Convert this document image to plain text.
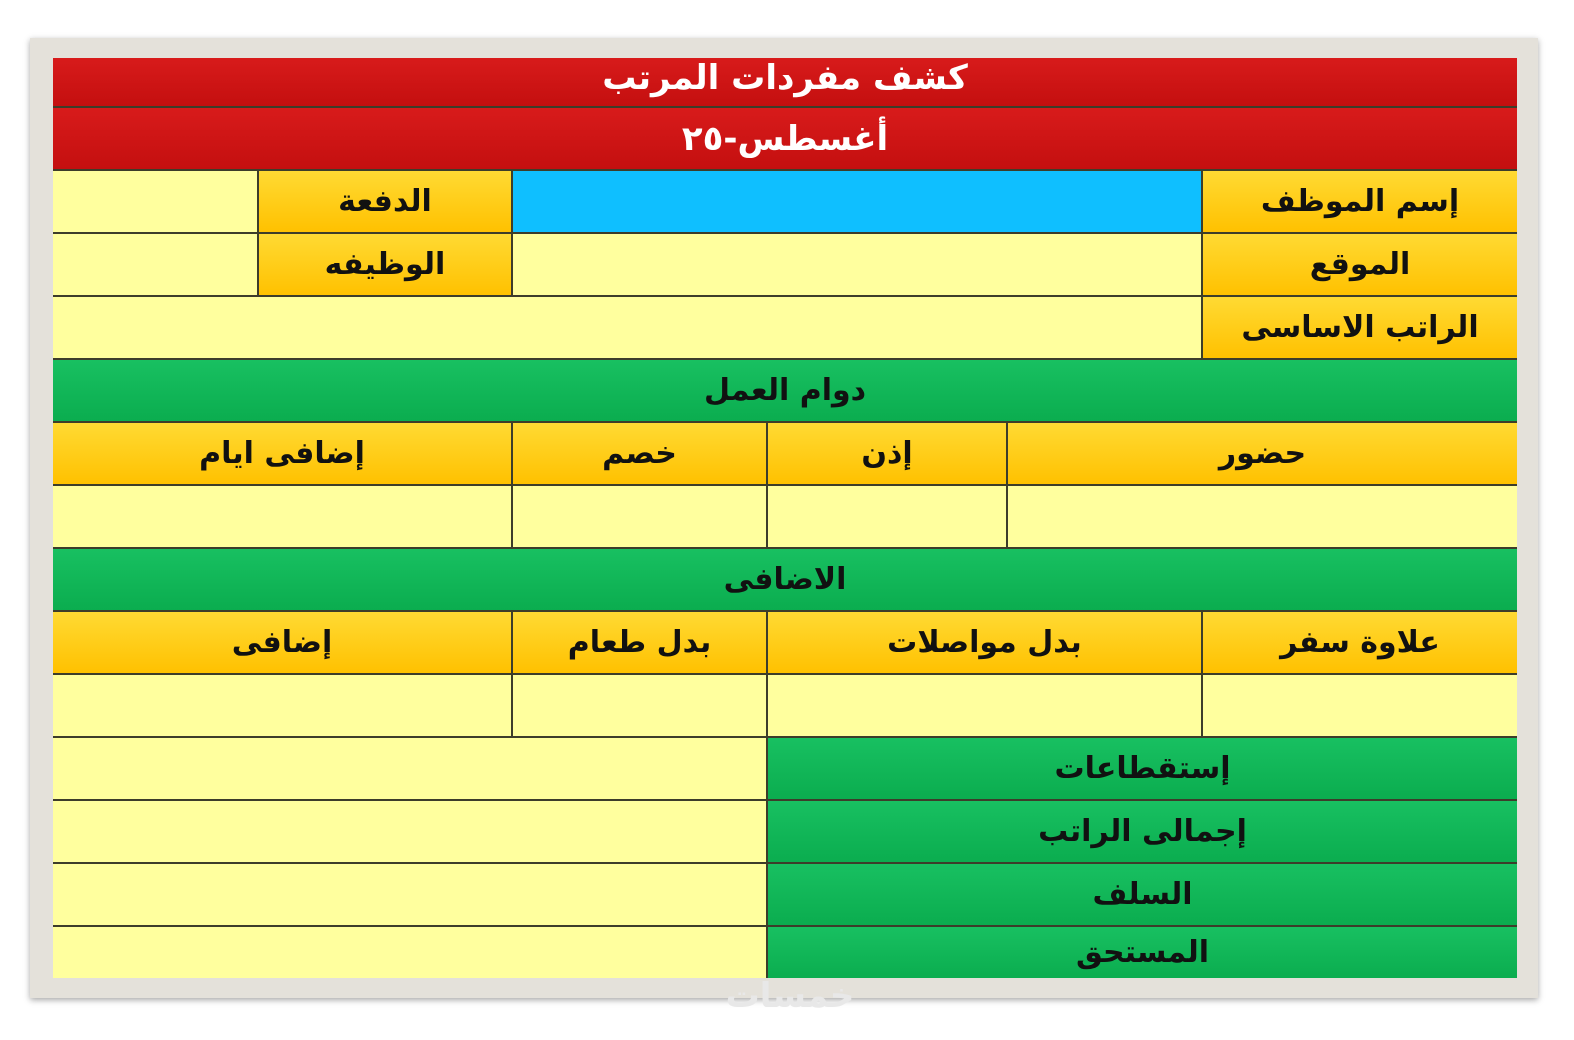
كشف مفردات المرتب
أغسطس-٢٥
الدفعة	إسم الموظف
الوظيفه	الموقع
الراتب الاساسى
دوام العمل
إضافى ايام	خصم	إذن	حضور
الاضافى
إضافى	بدل طعام	بدل مواصلات	علاوة سفر
إستقطاعات
إجمالى الراتب
السلف
المستحق
خمسات
